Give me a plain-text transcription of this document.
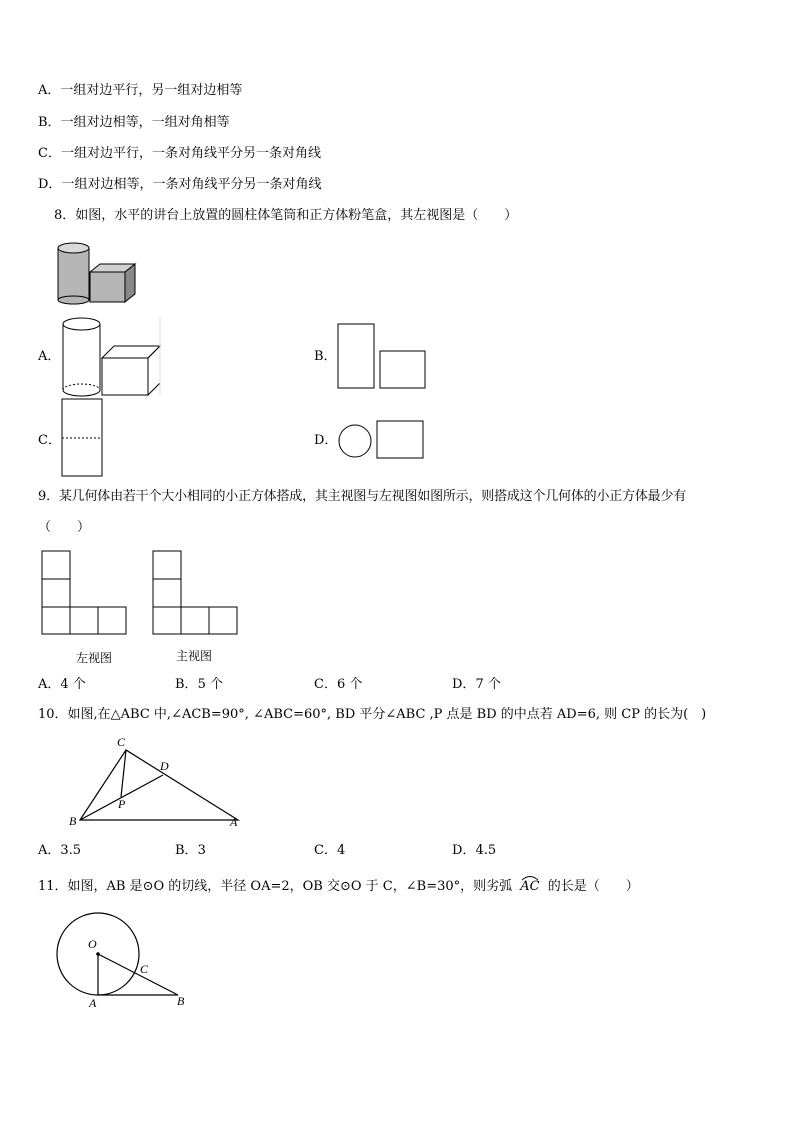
A．一组对边平行，另一组对边相等
B．一组对边相等，一组对角相等
C．一组对边平行，一条对角线平分另一条对角线
D．一组对边相等，一条对角线平分另一条对角线
8．如图，水平的讲台上放置的圆柱体笔筒和正方体粉笔盒，其左视图是（　　）
A．	B．
C．	D．
9．某几何体由若干个大小相同的小正方体搭成，其主视图与左视图如图所示，则搭成这个几何体的小正方体最少有
（　　）
左视图	主视图
A．4 个	B．5 个	C．6 个	D．7 个
10．如图,在△ABC 中,∠ACB=90°, ∠ABC=60°, BD 平分∠ABC ,P 点是 BD 的中点若 AD=6, 则 CP 的长为(　)
C
D
P
B	A
A．3.5	B．3	C．4	D．4.5
11．如图，AB 是⊙O 的切线，半径 OA=2，OB 交⊙O 于 C，∠B=30°，则劣弧 AC 的长是（　　）
O
C
A	B
